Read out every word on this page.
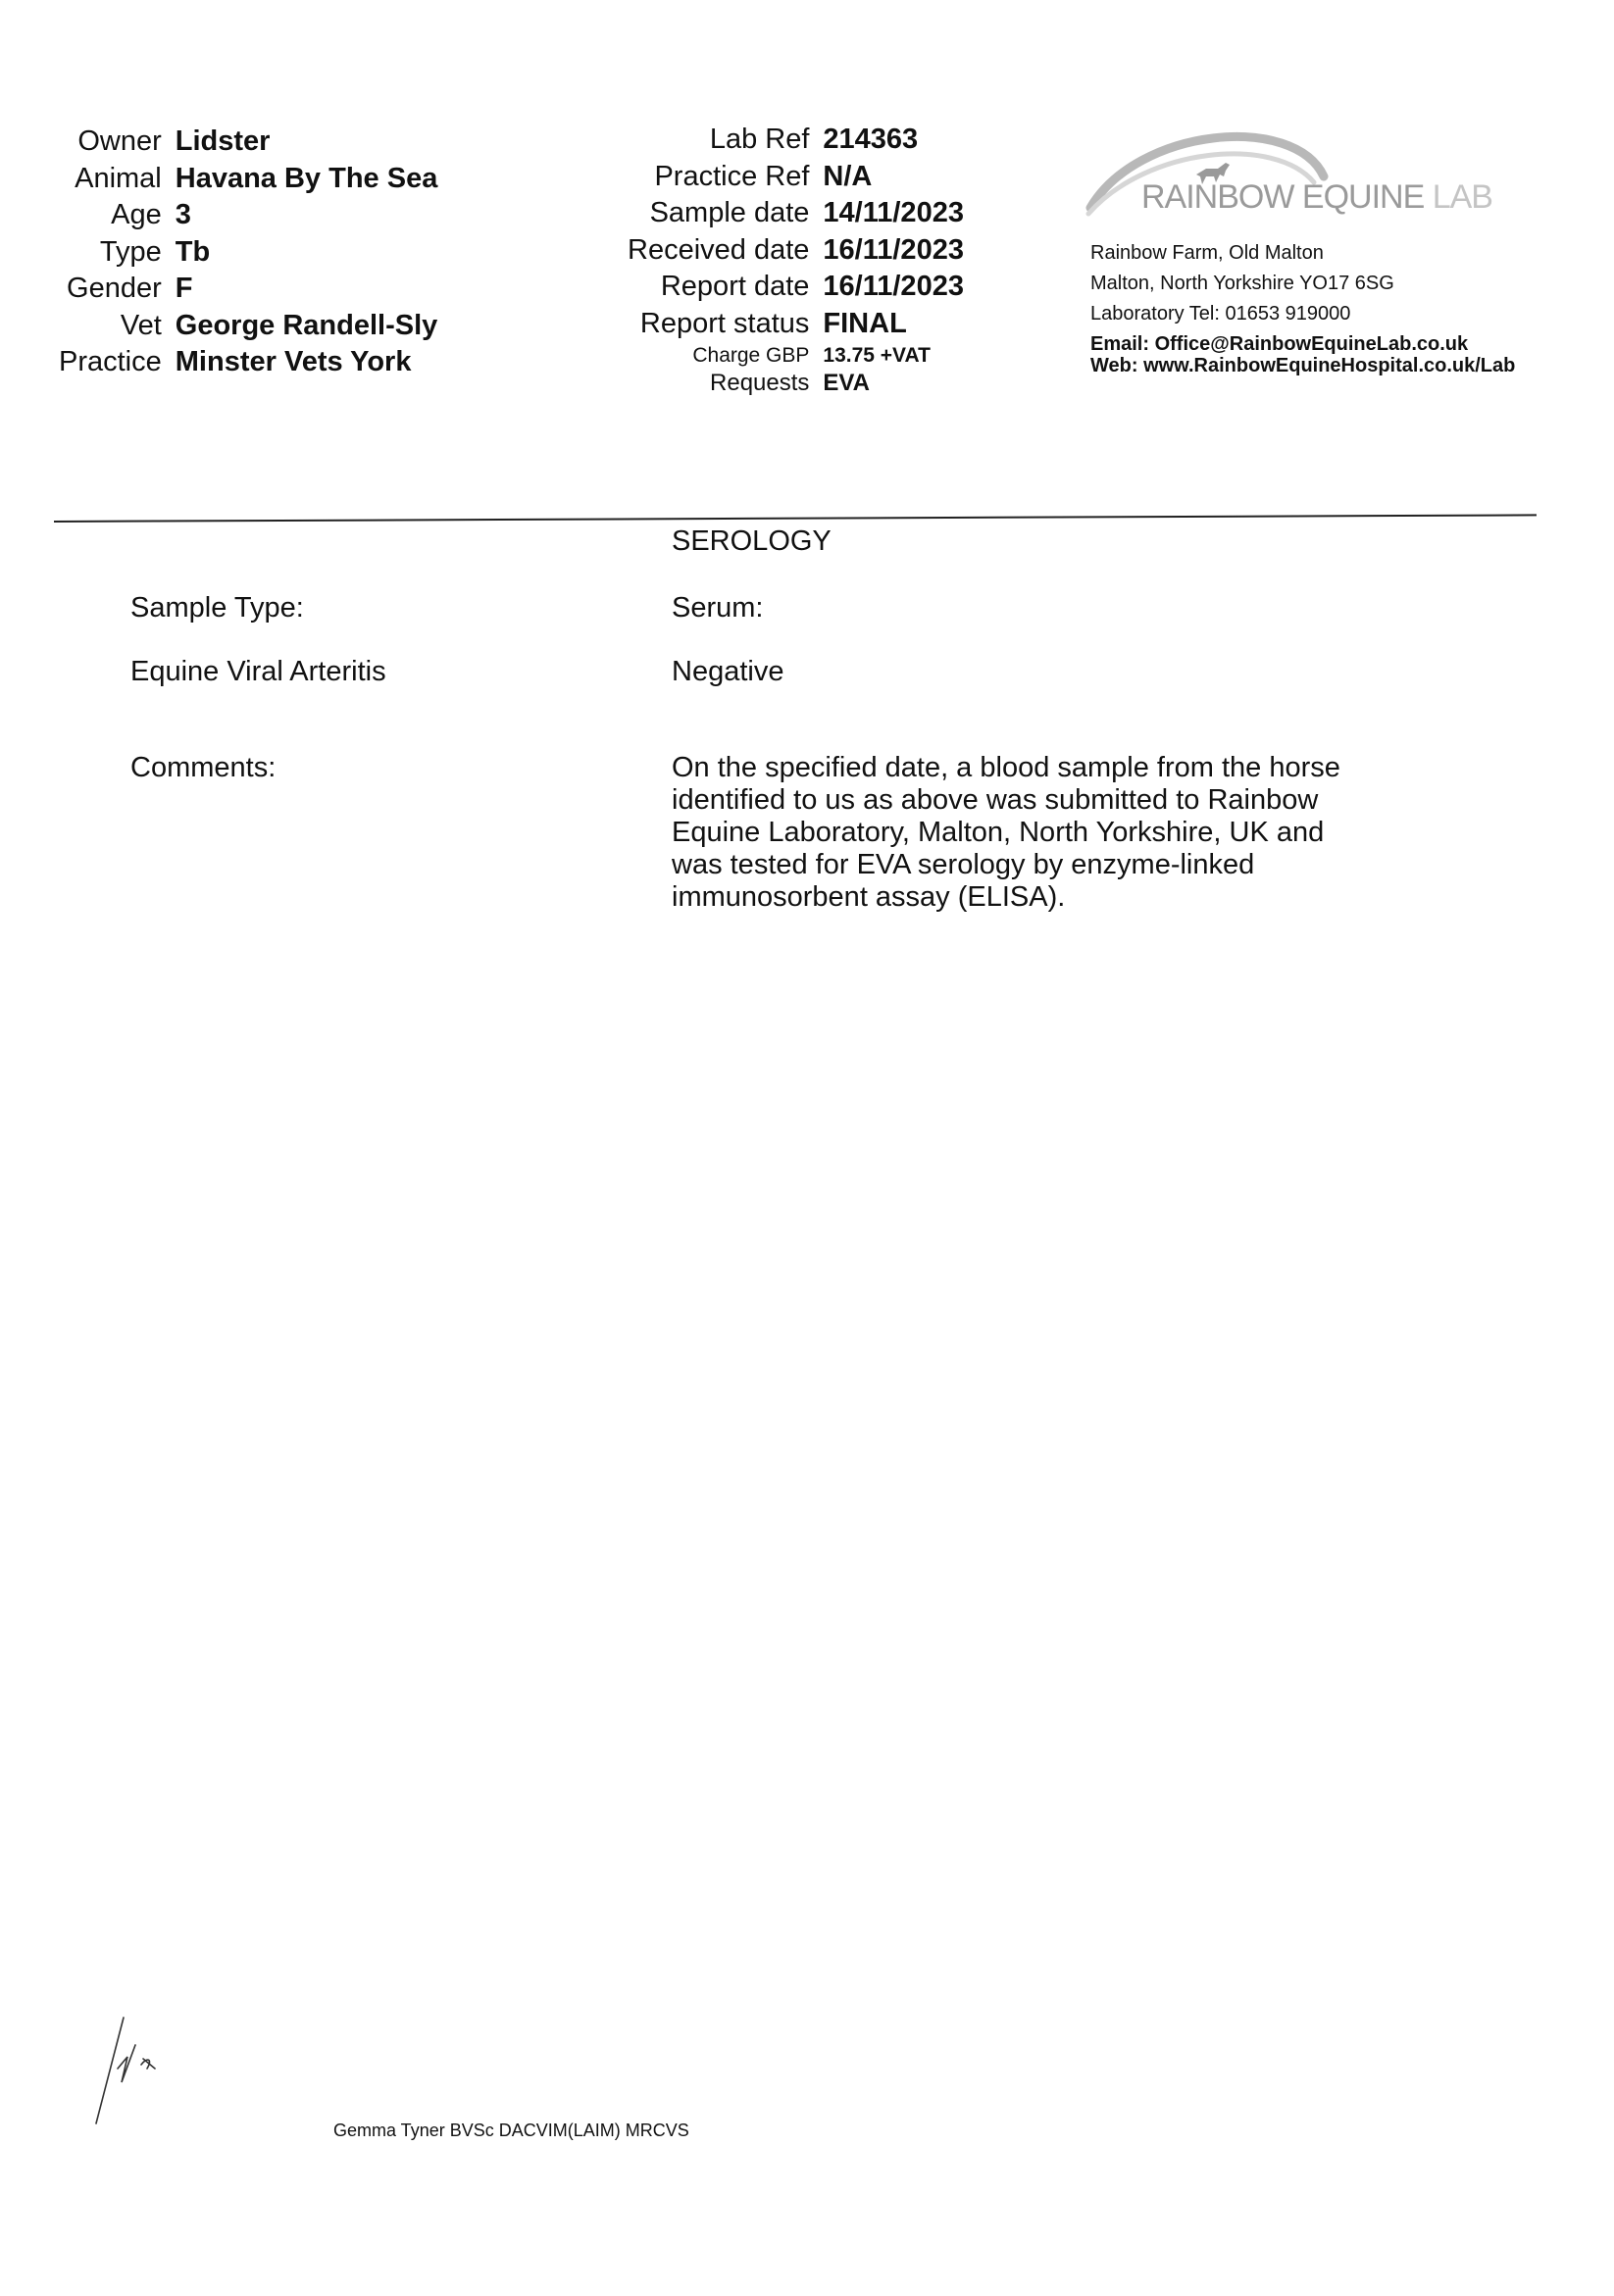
Owner	Lidster
Animal	Havana By The Sea
Age	3
Type	Tb
Gender	F
Vet	George Randell-Sly
Practice	Minster Vets York
Lab Ref	214363
Practice Ref	N/A
Sample date	14/11/2023
Received date	16/11/2023
Report date	16/11/2023
Report status	FINAL
Charge GBP	13.75 +VAT
Requests	EVA
RAINBOW EQUINE LAB
Rainbow Farm, Old Malton
Malton, North Yorkshire YO17 6SG
Laboratory Tel: 01653 919000
Email: Office@RainbowEquineLab.co.uk
Web: www.RainbowEquineHospital.co.uk/Lab
SEROLOGY
Sample Type:	Serum:
Equine Viral Arteritis	Negative
Comments:	On the specified date, a blood sample from the horse identified to us as above was submitted to Rainbow Equine Laboratory, Malton, North Yorkshire, UK and was tested for EVA serology by enzyme-linked immunosorbent assay (ELISA).
Gemma Tyner BVSc DACVIM(LAIM) MRCVS
